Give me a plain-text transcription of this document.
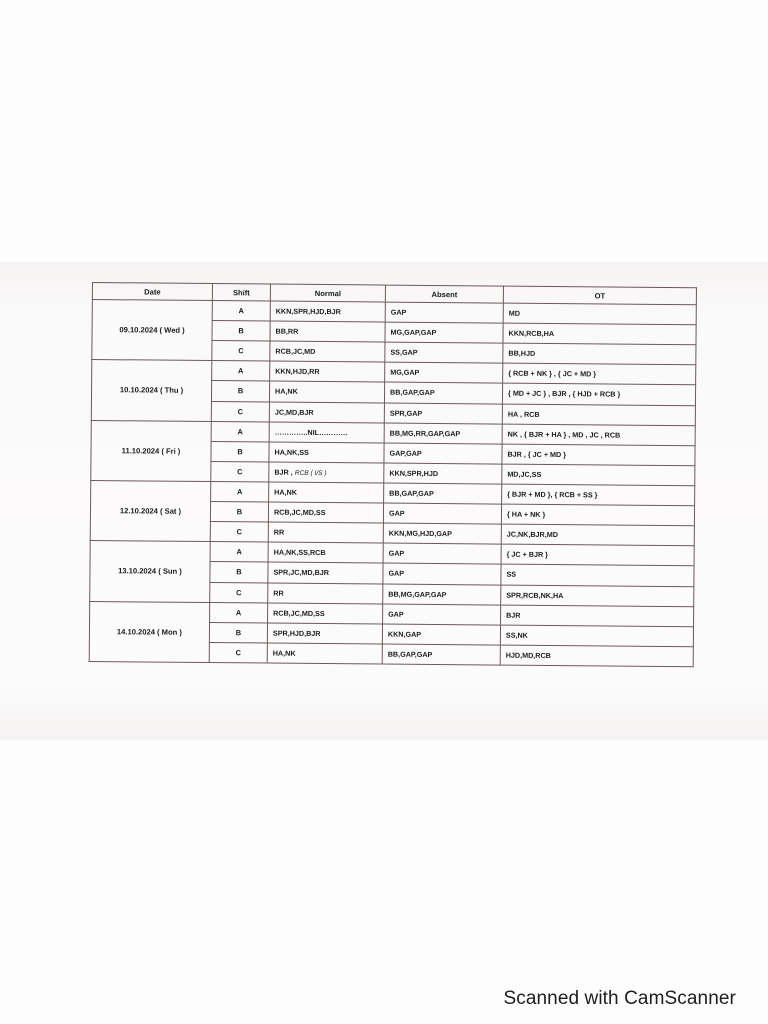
Date	Shift	Normal	Absent	OT
09.10.2024 ( Wed )	A	KKN,SPR,HJD,BJR	GAP	MD
	B	BB,RR	MG,GAP,GAP	KKN,RCB,HA
	C	RCB,JC,MD	SS,GAP	BB,HJD
10.10.2024 ( Thu )	A	KKN,HJD,RR	MG,GAP	{ RCB + NK } , { JC + MD }
	B	HA,NK	BB,GAP,GAP	{ MD + JC } , BJR , { HJD + RCB }
	C	JC,MD,BJR	SPR,GAP	HA , RCB
11.10.2024 ( Fri )	A	…………..NIL…………	BB,MG,RR,GAP,GAP	NK , { BJR + HA } , MD , JC , RCB
	B	HA,NK,SS	GAP,GAP	BJR , { JC + MD }
	C	BJR , RCB ( I/S )	KKN,SPR,HJD	MD,JC,SS
12.10.2024 ( Sat )	A	HA,NK	BB,GAP,GAP	{ BJR + MD }, { RCB + SS }
	B	RCB,JC,MD,SS	GAP	{ HA + NK }
	C	RR	KKN,MG,HJD,GAP	JC,NK,BJR,MD
13.10.2024 ( Sun )	A	HA,NK,SS,RCB	GAP	{ JC + BJR }
	B	SPR,JC,MD,BJR	GAP	SS
	C	RR	BB,MG,GAP,GAP	SPR,RCB,NK,HA
14.10.2024 ( Mon )	A	RCB,JC,MD,SS	GAP	BJR
	B	SPR,HJD,BJR	KKN,GAP	SS,NK
	C	HA,NK	BB,GAP,GAP	HJD,MD,RCB
Scanned with CamScanner
